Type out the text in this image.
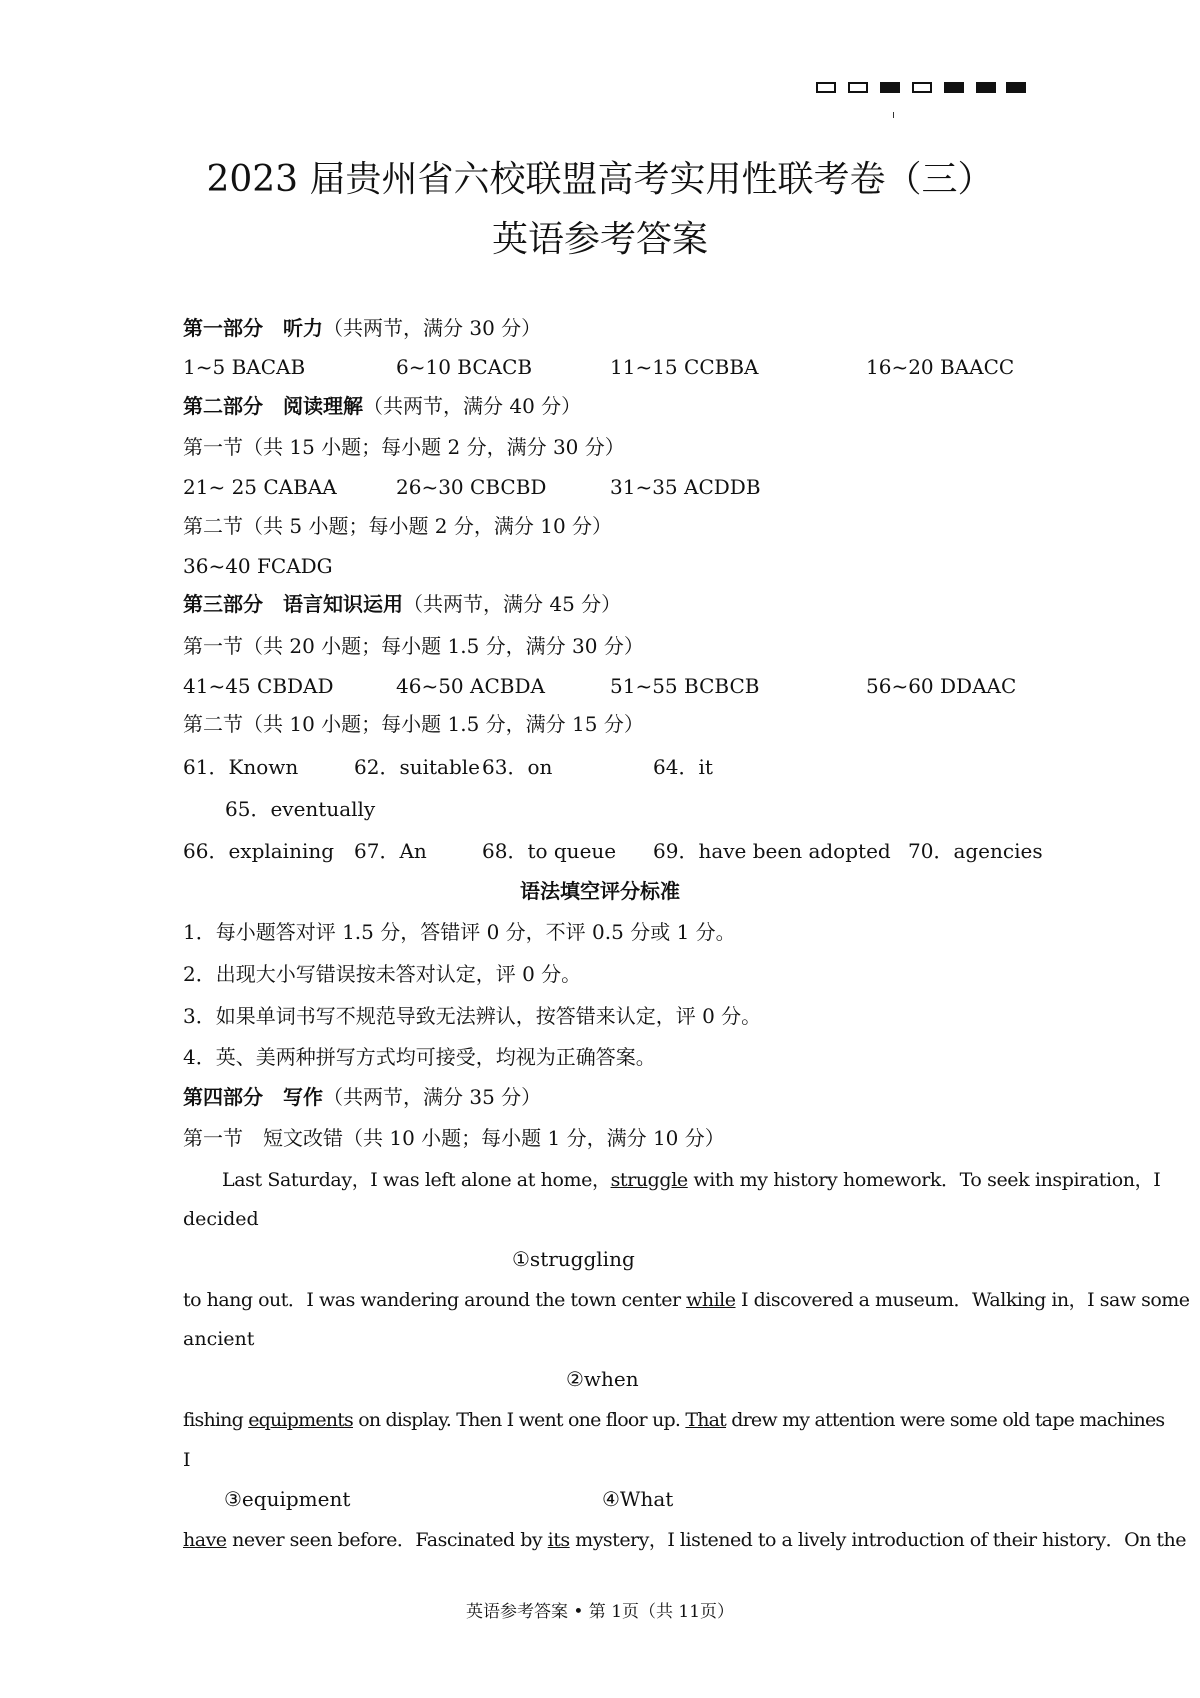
2023 届贵州省六校联盟高考实用性联考卷（三）
英语参考答案
第一部分　 听力（共两节，满分 30 分）
1~5 BACAB	6~10 BCACB	11~15 CCBBA	16~20 BAACC
第二部分　 阅读理解（共两节，满分 40 分）
第一节（共 15 小题；每小题 2 分，满分 30 分）
21~ 25 CABAA	26~30 CBCBD	31~35 ACDDB
第二节（共 5 小题；每小题 2 分，满分 10 分）
36~40 FCADG
第三部分　 语言知识运用（共两节，满分 45 分）
第一节（共 20 小题；每小题 1.5 分，满分 30 分）
41~45 CBDAD	46~50 ACBDA	51~55 BCBCB	56~60 DDAAC
第二节（共 10 小题；每小题 1.5 分，满分 15 分）
61．Known	62．suitable 63．on	64．it
65．eventually
66．explaining 67．An	68．to queue 69．have been adopted 70．agencies
语法填空评分标准
1．每小题答对评 1.5 分，答错评 0 分，不评 0.5 分或 1 分。
2．出现大小写错误按未答对认定，评 0 分。
3．如果单词书写不规范导致无法辨认，按答错来认定，评 0 分。
4．英、美两种拼写方式均可接受，均视为正确答案。
第四部分　 写作（共两节，满分 35 分）
第一节　短文改错（共 10 小题；每小题 1 分，满分 10 分）
Last Saturday，I was left alone at home，struggle with my history homework．To seek inspiration，I
decided
①struggling
to hang out．I was wandering around the town center while I discovered a museum．Walking in，I saw some
ancient
②when
fishing equipments on display. Then I went one floor up. That drew my attention were some old tape machines
I
③equipment	④What
have never seen before．Fascinated by its mystery，I listened to a lively introduction of their history．On the
英语参考答案 • 第 1页（共 11页）
